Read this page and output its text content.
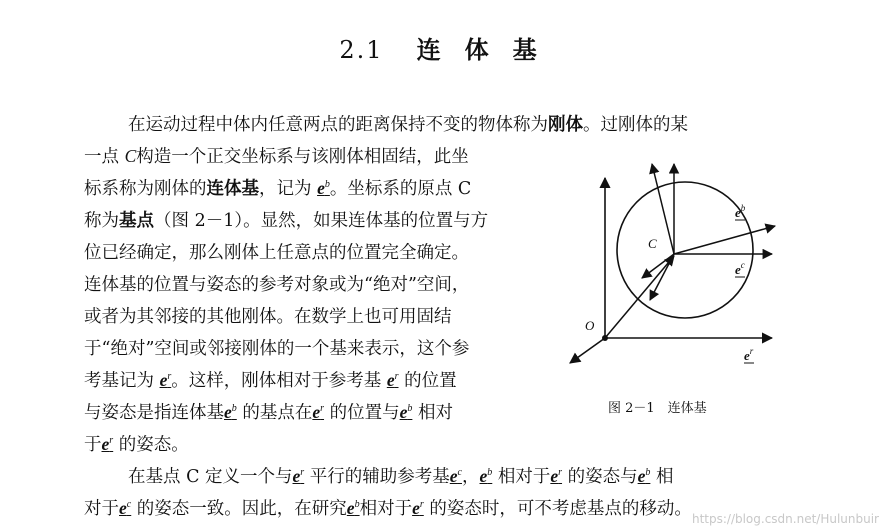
2.1 连 体 基
在运动过程中体内任意两点的距离保持不变的物体称为刚体。过刚体的某
一点 C构造一个正交坐标系与该刚体相固结，此坐
标系称为刚体的连体基，记为 $e^b$。坐标系的原点 C
称为基点（图 2－1）。显然，如果连体基的位置与方
位已经确定，那么刚体上任意点的位置完全确定。
连体基的位置与姿态的参考对象或为“绝对”空间，
或者为其邻接的其他刚体。在数学上也可用固结
于“绝对”空间或邻接刚体的一个基来表示，这个参
考基记为 $e^r$。这样，刚体相对于参考基 $e^r$ 的位置
与姿态是指连体基$e^b$ 的基点在$e^r$ 的位置与$e^b$ 相对
于$e^r$ 的姿态。
在基点 C 定义一个与$e^r$ 平行的辅助参考基$e^c$，$e^b$ 相对于$e^r$ 的姿态与$e^b$ 相
对于$e^c$ 的姿态一致。因此，在研究$e^b$相对于$e^r$ 的姿态时，可不考虑基点的移动。
O
C
$e^b$
$e^c$
$e^r$
图 2－1　连体基
https://blog.csdn.net/Hulunbuir
